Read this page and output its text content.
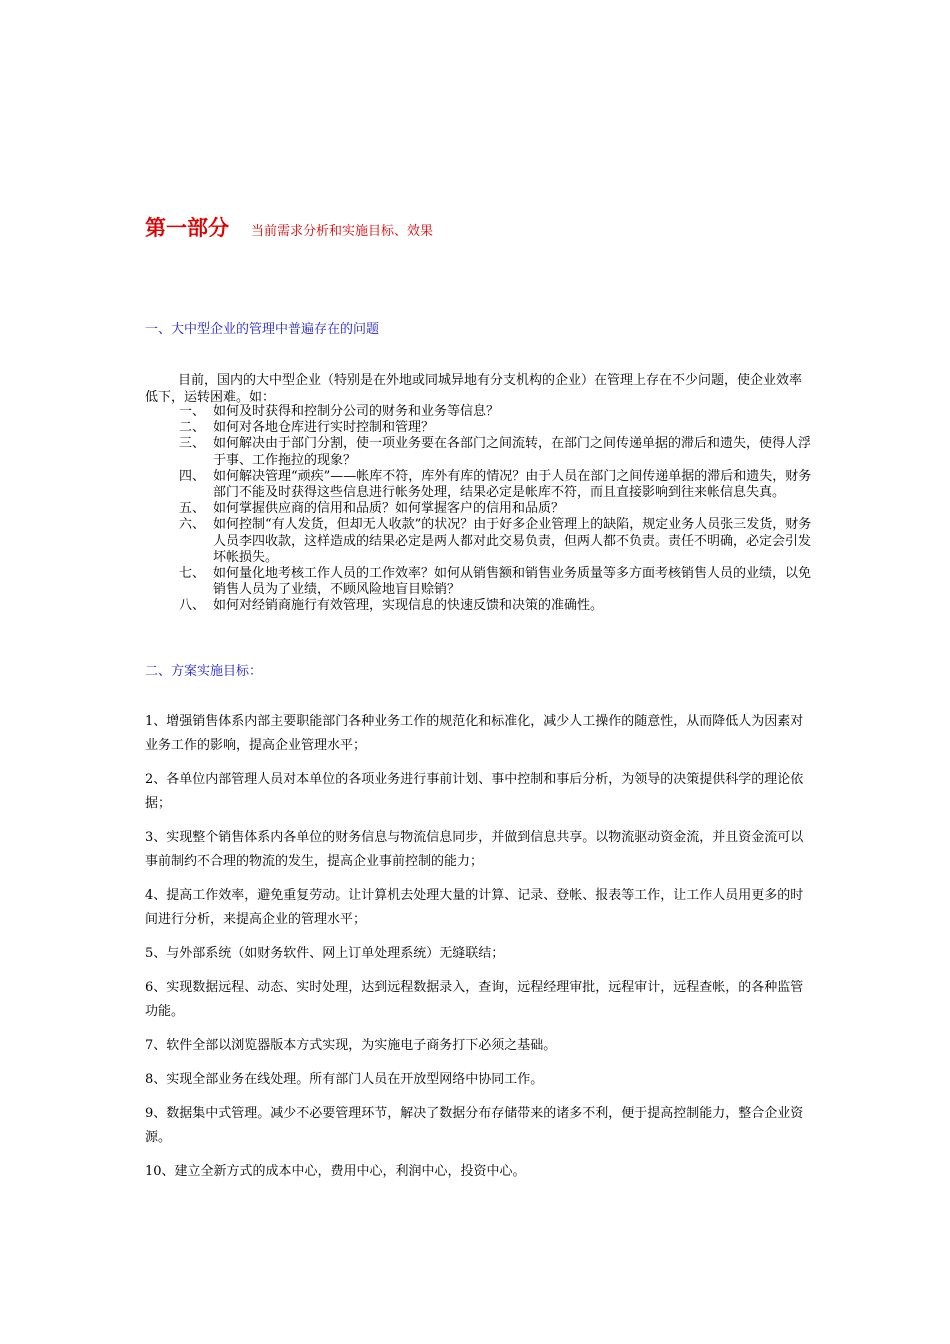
第一部分 当前需求分析和实施目标、效果
一、大中型企业的管理中普遍存在的问题

目前，国内的大中型企业（特别是在外地或同城异地有分支机构的企业）在管理上存在不少问题，使企业效率低下，运转困难。如：

一、 如何及时获得和控制分公司的财务和业务等信息？
二、 如何对各地仓库进行实时控制和管理？
三、 如何解决由于部门分割，使一项业务要在各部门之间流转，在部门之间传递单据的滞后和遗失，使得人浮于事、工作拖拉的现象？
四、 如何解决管理“顽疾”——帐库不符，库外有库的情况？由于人员在部门之间传递单据的滞后和遗失，财务部门不能及时获得这些信息进行帐务处理，结果必定是帐库不符，而且直接影响到往来帐信息失真。
五、 如何掌握供应商的信用和品质？如何掌握客户的信用和品质？
六、 如何控制“有人发货，但却无人收款”的状况？由于好多企业管理上的缺陷，规定业务人员张三发货，财务人员李四收款，这样造成的结果必定是两人都对此交易负责，但两人都不负责。责任不明确，必定会引发坏帐损失。
七、 如何量化地考核工作人员的工作效率？如何从销售额和销售业务质量等多方面考核销售人员的业绩，以免销售人员为了业绩，不顾风险地盲目赊销？
八、 如何对经销商施行有效管理，实现信息的快速反馈和决策的准确性。
二、方案实施目标：
1、增强销售体系内部主要职能部门各种业务工作的规范化和标准化，减少人工操作的随意性，从而降低人为因素对业务工作的影响，提高企业管理水平；
2、各单位内部管理人员对本单位的各项业务进行事前计划、事中控制和事后分析，为领导的决策提供科学的理论依据；
3、实现整个销售体系内各单位的财务信息与物流信息同步，并做到信息共享。以物流驱动资金流，并且资金流可以事前制约不合理的物流的发生，提高企业事前控制的能力；
4、提高工作效率，避免重复劳动。让计算机去处理大量的计算、记录、登帐、报表等工作，让工作人员用更多的时间进行分析，来提高企业的管理水平；
5、与外部系统（如财务软件、网上订单处理系统）无缝联结；
6、实现数据远程、动态、实时处理，达到远程数据录入，查询，远程经理审批，远程审计，远程查帐，的各种监管功能。
7、软件全部以浏览器版本方式实现，为实施电子商务打下必须之基础。
8、实现全部业务在线处理。所有部门人员在开放型网络中协同工作。
9、数据集中式管理。减少不必要管理环节，解决了数据分布存储带来的诸多不利，便于提高控制能力，整合企业资源。
10、建立全新方式的成本中心，费用中心，利润中心，投资中心。
